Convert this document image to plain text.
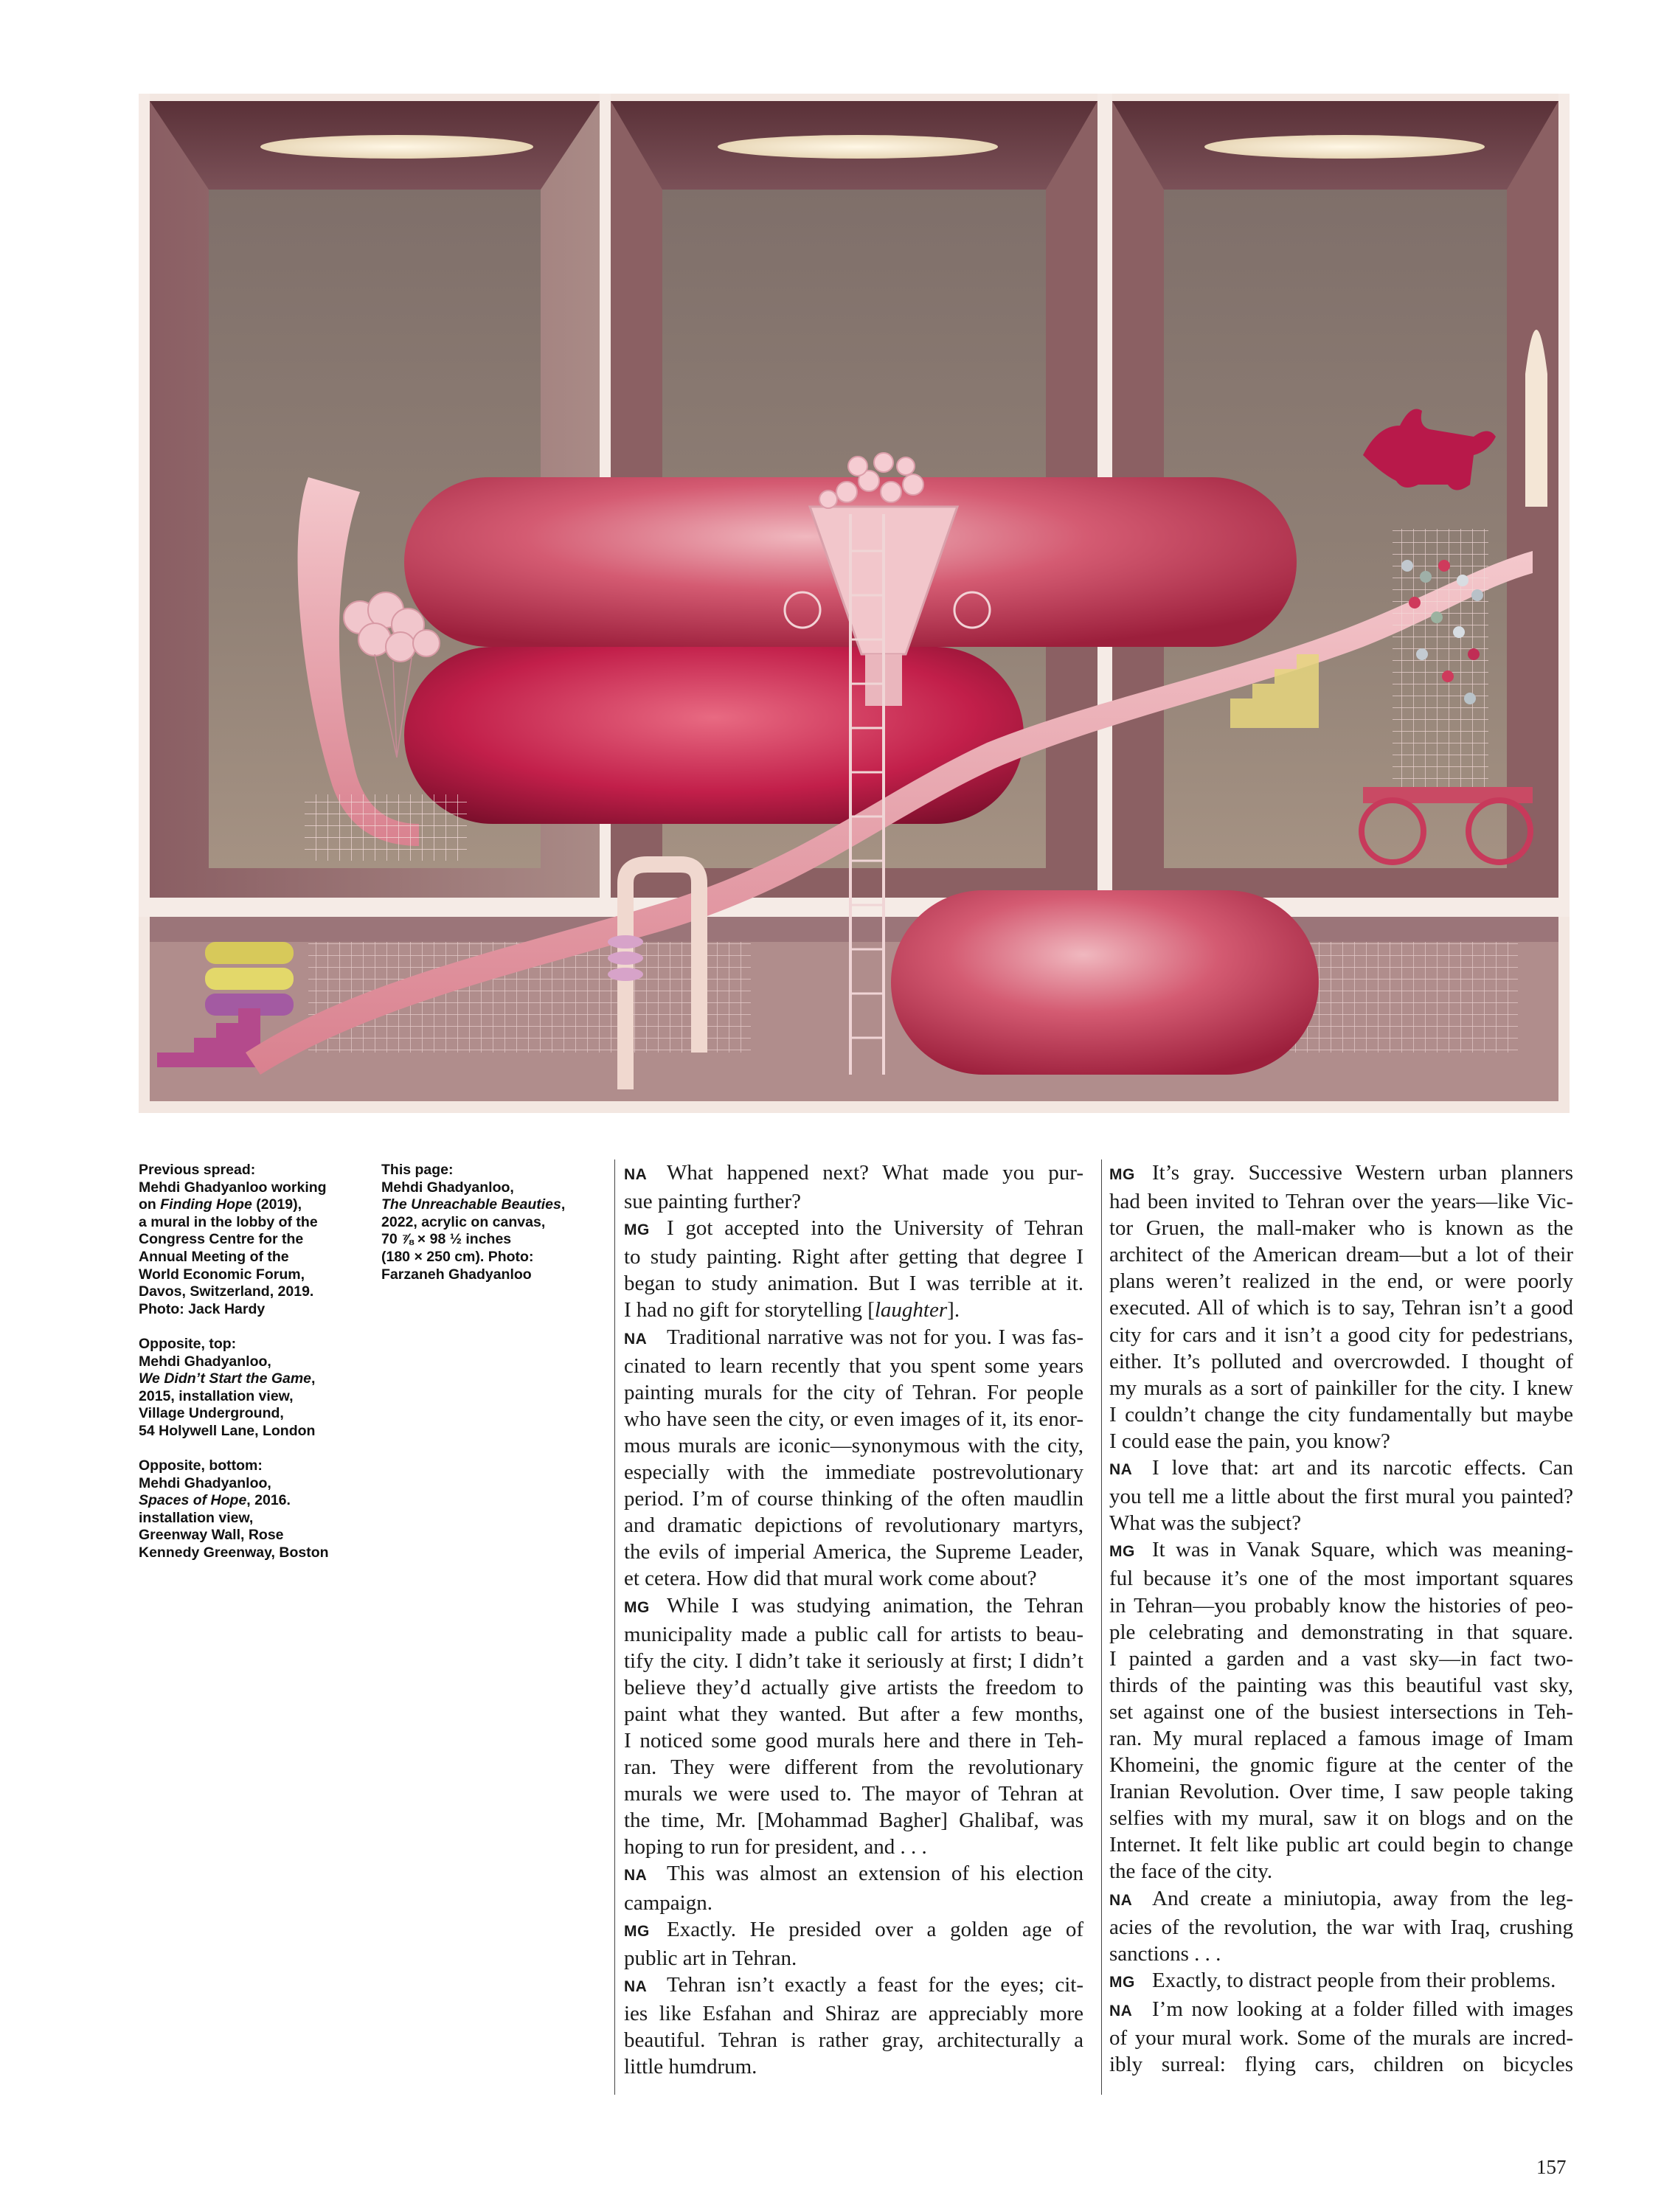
Previous spread:
Mehdi Ghadyanloo working
on Finding Hope (2019),
a mural in the lobby of the
Congress Centre for the
Annual Meeting of the
World Economic Forum,
Davos, Switzerland, 2019.
Photo: Jack Hardy
Opposite, top:
Mehdi Ghadyanloo,
We Didn’t Start the Game,
2015, installation view,
Village Underground,
54 Holywell Lane, London
Opposite, bottom:
Mehdi Ghadyanloo,
Spaces of Hope, 2016.
installation view,
Greenway Wall, Rose
Kennedy Greenway, Boston
This page:
Mehdi Ghadyanloo,
The Unreachable Beauties,
2022, acrylic on canvas,
70 ⅞ × 98 ½ inches
(180 × 250 cm). Photo:
Farzaneh Ghadyanloo
NA What happened next? What made you pur-
sue painting further?
MG I got accepted into the University of Tehran
to study painting. Right after getting that degree I
began to study animation. But I was terrible at it.
I had no gift for storytelling [laughter].
NA Traditional narrative was not for you. I was fas-
cinated to learn recently that you spent some years
painting murals for the city of Tehran. For people
who have seen the city, or even images of it, its enor-
mous murals are iconic—synonymous with the city,
especially with the immediate postrevolutionary
period. I’m of course thinking of the often maudlin
and dramatic depictions of revolutionary martyrs,
the evils of imperial America, the Supreme Leader,
et cetera. How did that mural work come about?
MG While I was studying animation, the Tehran
municipality made a public call for artists to beau-
tify the city. I didn’t take it seriously at first; I didn’t
believe they’d actually give artists the freedom to
paint what they wanted. But after a few months,
I noticed some good murals here and there in Teh-
ran. They were different from the revolutionary
murals we were used to. The mayor of Tehran at
the time, Mr. [Mohammad Bagher] Ghalibaf, was
hoping to run for president, and . . .
NA This was almost an extension of his election
campaign.
MG Exactly. He presided over a golden age of
public art in Tehran.
NA Tehran isn’t exactly a feast for the eyes; cit-
ies like Esfahan and Shiraz are appreciably more
beautiful. Tehran is rather gray, architecturally a
little humdrum.
MG It’s gray. Successive Western urban planners
had been invited to Tehran over the years—like Vic-
tor Gruen, the mall-maker who is known as the
architect of the American dream—but a lot of their
plans weren’t realized in the end, or were poorly
executed. All of which is to say, Tehran isn’t a good
city for cars and it isn’t a good city for pedestrians,
either. It’s polluted and overcrowded. I thought of
my murals as a sort of painkiller for the city. I knew
I couldn’t change the city fundamentally but maybe
I could ease the pain, you know?
NA I love that: art and its narcotic effects. Can
you tell me a little about the first mural you painted?
What was the subject?
MG It was in Vanak Square, which was meaning-
ful because it’s one of the most important squares
in Tehran—you probably know the histories of peo-
ple celebrating and demonstrating in that square.
I painted a garden and a vast sky—in fact two-
thirds of the painting was this beautiful vast sky,
set against one of the busiest intersections in Teh-
ran. My mural replaced a famous image of Imam
Khomeini, the gnomic figure at the center of the
Iranian Revolution. Over time, I saw people taking
selfies with my mural, saw it on blogs and on the
Internet. It felt like public art could begin to change
the face of the city.
NA And create a miniutopia, away from the leg-
acies of the revolution, the war with Iraq, crushing
sanctions . . .
MG Exactly, to distract people from their problems.
NA I’m now looking at a folder filled with images
of your mural work. Some of the murals are incred-
ibly surreal: flying cars, children on bicycles
157
